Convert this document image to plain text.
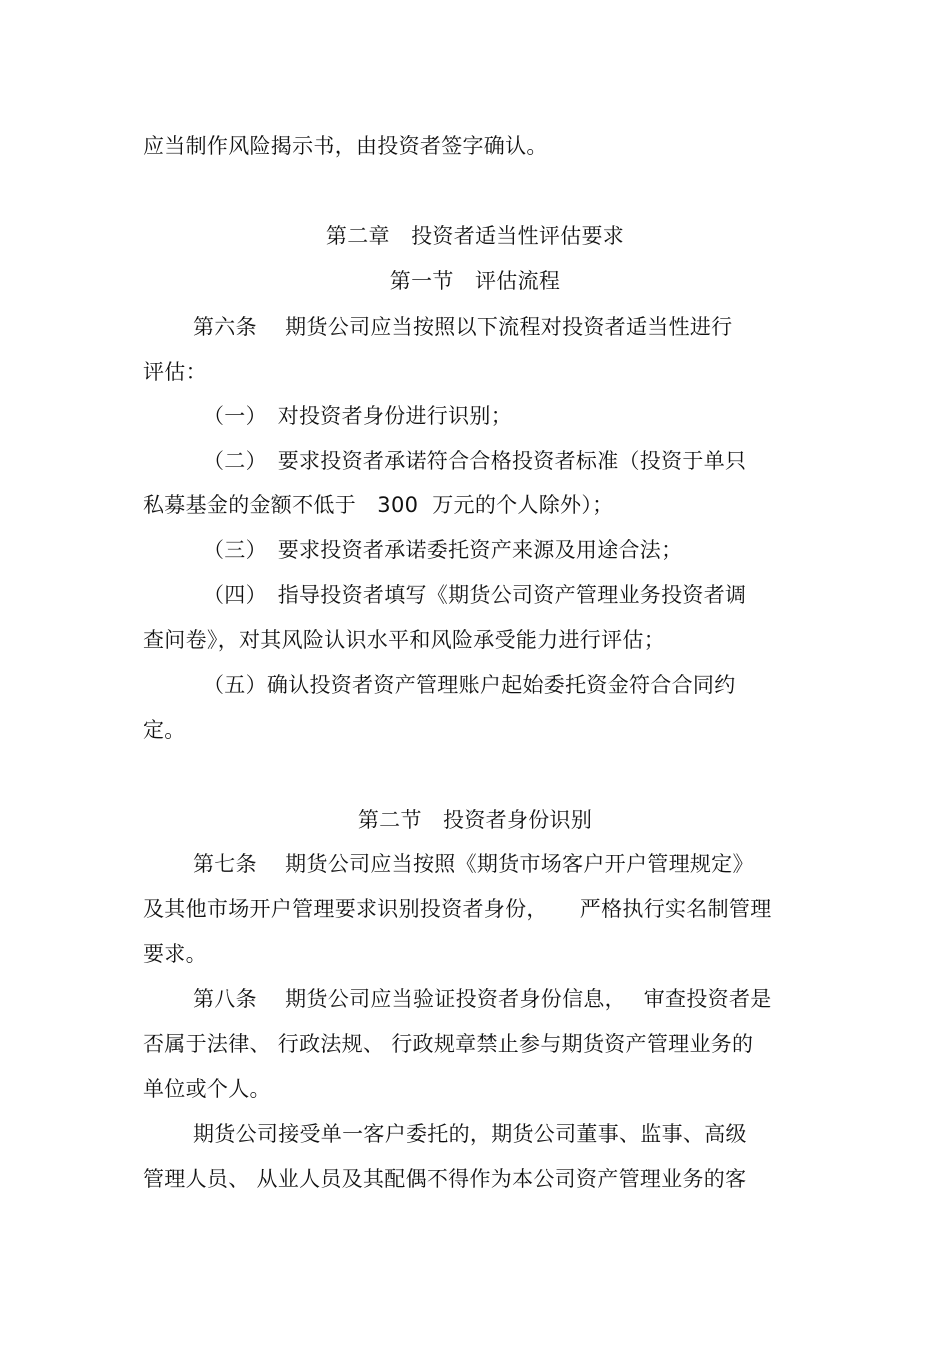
应当制作风险揭示书，由投资者签字确认。
第二章　投资者适当性评估要求
第一节　评估流程
第六条　 期货公司应当按照以下流程对投资者适当性进行
评估：
（一）　对投资者身份进行识别；
（二）　要求投资者承诺符合合格投资者标准（投资于单只
私募基金的金额不低于　300  万元的个人除外）；
（三）　要求投资者承诺委托资产来源及用途合法；
（四）　指导投资者填写《期货公司资产管理业务投资者调
查问卷》，对其风险认识水平和风险承受能力进行评估；
（五）确认投资者资产管理账户起始委托资金符合合同约
定。
第二节　投资者身份识别
第七条　 期货公司应当按照《期货市场客户开户管理规定》
及其他市场开户管理要求识别投资者身份，　　严格执行实名制管理
要求。
第八条　 期货公司应当验证投资者身份信息，　 审查投资者是
否属于法律、 行政法规、 行政规章禁止参与期货资产管理业务的
单位或个人。
期货公司接受单一客户委托的，期货公司董事、监事、高级
管理人员、 从业人员及其配偶不得作为本公司资产管理业务的客
